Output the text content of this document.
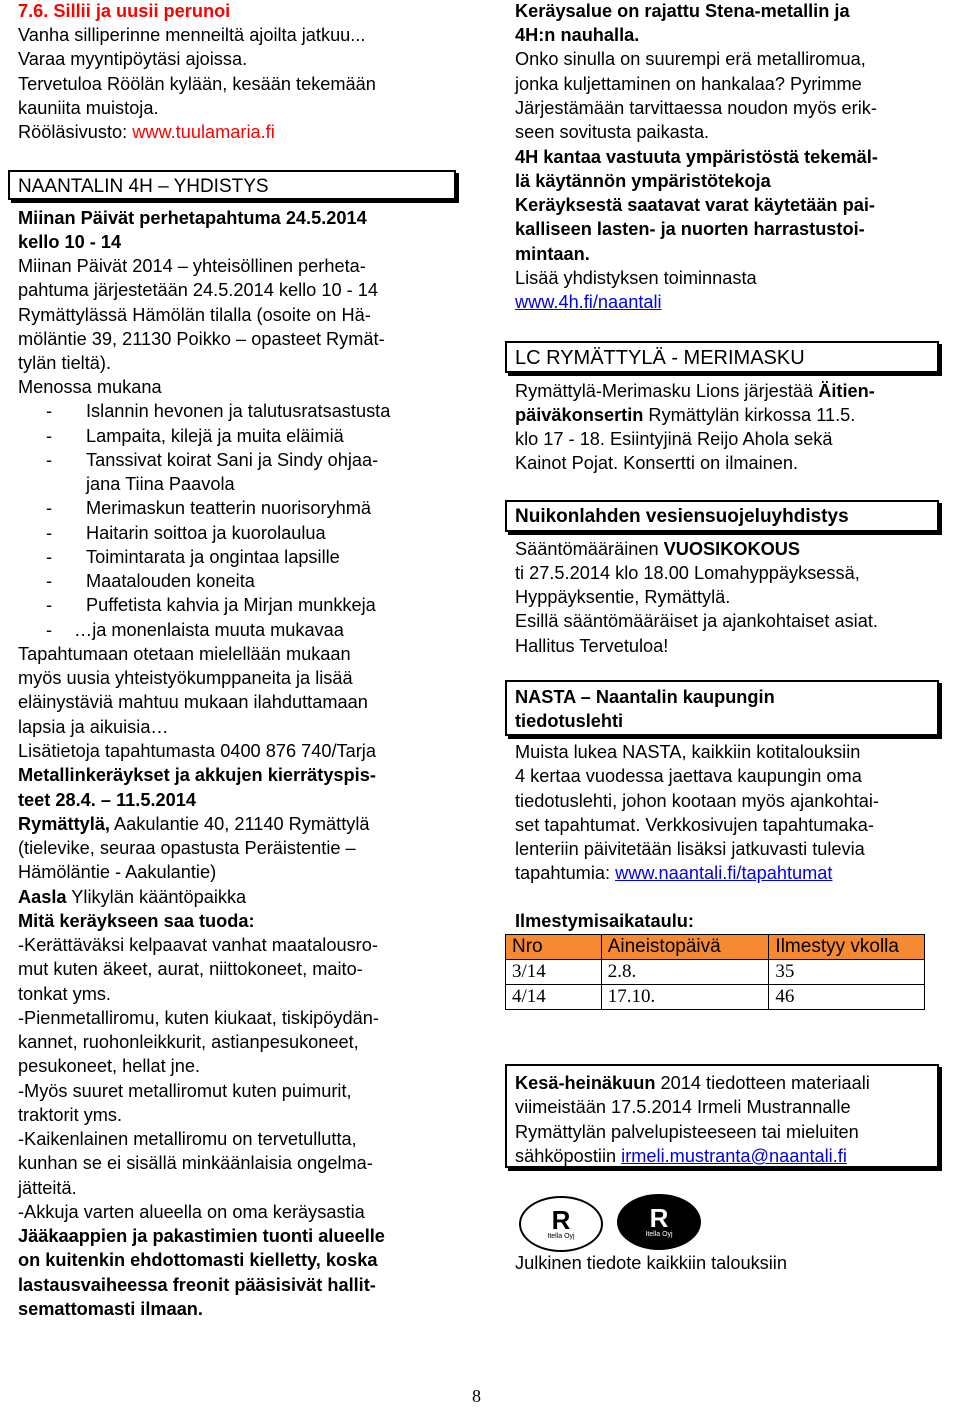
7.6. Sillii ja uusii perunoi
Vanha silliperinne menneiltä ajoilta jatkuu...
Varaa myyntipöytäsi ajoissa.
Tervetuloa Röölän kylään, kesään tekemään
kauniita muistoja.
Rööläsivusto: www.tuulamaria.fi
NAANTALIN 4H – YHDISTYS
Miinan Päivät perhetapahtuma 24.5.2014
kello 10 - 14
Miinan Päivät 2014 – yhteisöllinen perheta-
pahtuma järjestetään 24.5.2014 kello 10 - 14
Rymättylässä Hämölän tilalla (osoite on Hä-
möläntie 39, 21130 Poikko – opasteet Rymät-
tylän tieltä).
Menossa mukana
- Islannin hevonen ja talutusratsastusta
- Lampaita, kilejä ja muita eläimiä
- Tanssivat koirat Sani ja Sindy ohjaa-
jana Tiina Paavola
- Merimaskun teatterin nuorisoryhmä
- Haitarin soittoa ja kuorolaulua
- Toimintarata ja ongintaa lapsille
- Maatalouden koneita
- Puffetista kahvia ja Mirjan munkkeja
- …ja monenlaista muuta mukavaa
Tapahtumaan otetaan mielellään mukaan
myös uusia yhteistyökumppaneita ja lisää
eläinystäviä mahtuu mukaan ilahduttamaan
lapsia ja aikuisia…
Lisätietoja tapahtumasta 0400 876 740/Tarja
Metallinkeräykset ja akkujen kierrätyspis-
teet 28.4. – 11.5.2014
Rymättylä, Aakulantie 40, 21140 Rymättylä
(tielevike, seuraa opastusta Peräistentie –
Hämöläntie - Aakulantie)
Aasla Ylikylän kääntöpaikka
Mitä keräykseen saa tuoda:
-Kerättäväksi kelpaavat vanhat maatalousro-
mut kuten äkeet, aurat, niittokoneet, maito-
tonkat yms.
-Pienmetalliromu, kuten kiukaat, tiskipöydän-
kannet, ruohonleikkurit, astianpesukoneet,
pesukoneet, hellat jne.
-Myös suuret metalliromut kuten puimurit,
traktorit yms.
-Kaikenlainen metalliromu on tervetullutta,
kunhan se ei sisällä minkäänlaisia ongelma-
jätteitä.
-Akkuja varten alueella on oma keräysastia
Jääkaappien ja pakastimien tuonti alueelle
on kuitenkin ehdottomasti kielletty, koska
lastausvaiheessa freonit pääsisivät hallit-
semattomasti ilmaan.
Keräysalue on rajattu Stena-metallin ja
4H:n nauhalla.
Onko sinulla on suurempi erä metalliromua,
jonka kuljettaminen on hankalaa? Pyrimme
Järjestämään tarvittaessa noudon myös erik-
seen sovitusta paikasta.
4H kantaa vastuuta ympäristöstä tekemäl-
lä käytännön ympäristötekoja
Keräyksestä saatavat varat käytetään pai-
kalliseen lasten- ja nuorten harrastustoi-
mintaan.
Lisää yhdistyksen toiminnasta
www.4h.fi/naantali
LC RYMÄTTYLÄ - MERIMASKU
Rymättylä-Merimasku Lions järjestää Äitien-
päiväkonsertin Rymättylän kirkossa 11.5.
klo 17 - 18. Esiintyjinä Reijo Ahola sekä
Kainot Pojat. Konsertti on ilmainen.
Nuikonlahden vesiensuojeluyhdistys
Sääntömääräinen VUOSIKOKOUS
ti 27.5.2014 klo 18.00 Lomahyppäyksessä,
Hyppäyksentie, Rymättylä.
Esillä sääntömääräiset ja ajankohtaiset asiat.
Hallitus Tervetuloa!
NASTA – Naantalin kaupungin
tiedotuslehti
Muista lukea NASTA, kaikkiin kotitalouksiin
4 kertaa vuodessa jaettava kaupungin oma
tiedotuslehti, johon kootaan myös ajankohtai-
set tapahtumat. Verkkosivujen tapahtumaka-
lenteriin päivitetään lisäksi jatkuvasti tulevia
tapahtumia: www.naantali.fi/tapahtumat
Ilmestymisaikataulu:
Nro	Aineistopäivä	Ilmestyy vkolla
3/14	2.8.	35
4/14	17.10.	46
Kesä-heinäkuun 2014 tiedotteen materiaali
viimeistään 17.5.2014 Irmeli Mustrannalle
Rymättylän palvelupisteeseen tai mieluiten
sähköpostiin irmeli.mustranta@naantali.fi
R
Itella Oyj
R
Itella Oyj
Julkinen tiedote kaikkiin talouksiin
8
